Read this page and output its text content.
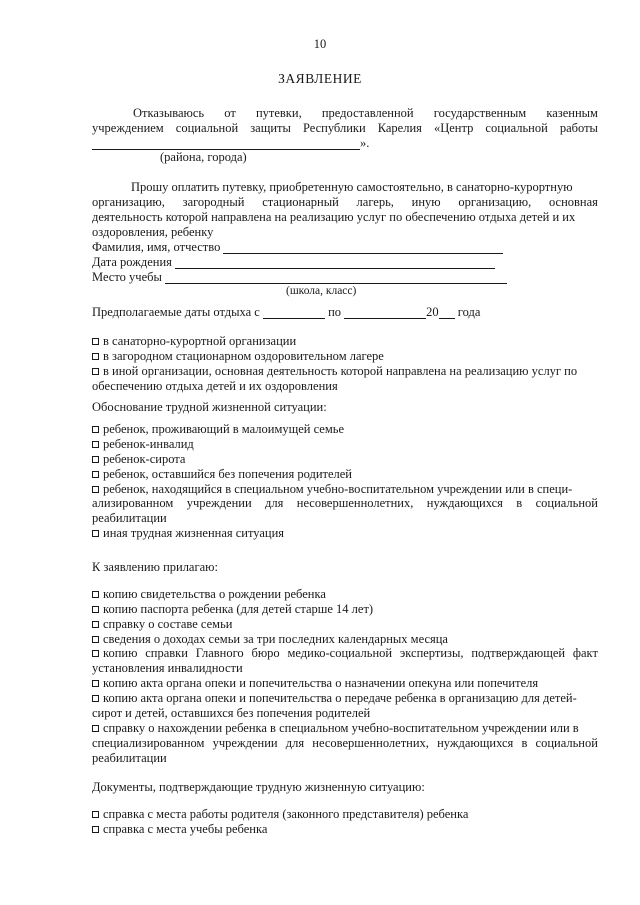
10
ЗАЯВЛЕНИЕ
Отказываюсь от путевки, предоставленной государственным казенным
учреждением социальной защиты Республики Карелия «Центр социальной работы
».
(района, города)
Прошу оплатить путевку, приобретенную самостоятельно, в санаторно-курортную
организацию, загородный стационарный лагерь, иную организацию, основная
деятельность которой направлена на реализацию услуг по обеспечению отдыха детей и их
оздоровления, ребенку
Фамилия, имя, отчество
Дата рождения
Место учебы
(школа, класс)
Предполагаемые даты отдыха с	по	20 года
в санаторно-курортной организации
в загородном стационарном оздоровительном лагере
в иной организации, основная деятельность которой направлена на реализацию услуг по
обеспечению отдыха детей и их оздоровления
Обоснование трудной жизненной ситуации:
ребенок, проживающий в малоимущей семье
ребенок-инвалид
ребенок-сирота
ребенок, оставшийся без попечения родителей
ребенок, находящийся в специальном учебно-воспитательном учреждении или в специ-
ализированном учреждении для несовершеннолетних, нуждающихся в социальной
реабилитации
иная трудная жизненная ситуация
К заявлению прилагаю:
копию свидетельства о рождении ребенка
копию паспорта ребенка (для детей старше 14 лет)
справку о составе семьи
сведения о доходах семьи за три последних календарных месяца
копию справки Главного бюро медико-социальной экспертизы, подтверждающей факт
установления инвалидности
копию акта органа опеки и попечительства о назначении опекуна или попечителя
копию акта органа опеки и попечительства о передаче ребенка в организацию для детей-
сирот и детей, оставшихся без попечения родителей
справку о нахождении ребенка в специальном учебно-воспитательном учреждении или в
специализированном учреждении для несовершеннолетних, нуждающихся в социальной
реабилитации
Документы, подтверждающие трудную жизненную ситуацию:
справка с места работы родителя (законного представителя) ребенка
справка с места учебы ребенка
